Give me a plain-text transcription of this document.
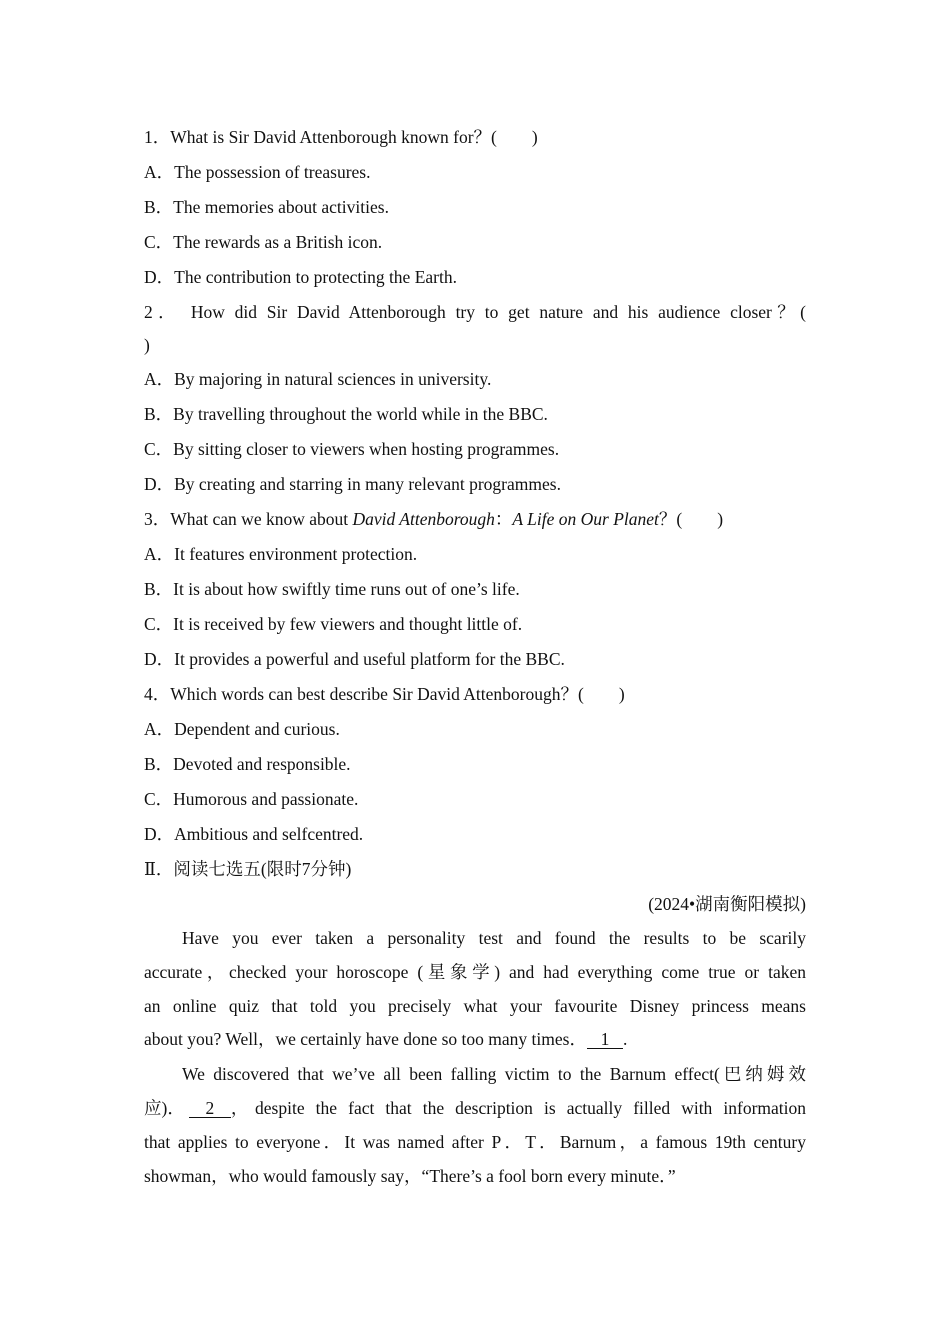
1．What is Sir David Attenborough known for？(　　)
A．The possession of treasures.
B．The memories about activities.
C．The rewards as a British icon.
D．The contribution to protecting the Earth.
2． How did Sir David Attenborough try to get nature and his audience closer？(
)
A．By majoring in natural sciences in university.
B．By travelling throughout the world while in the BBC.
C．By sitting closer to viewers when hosting programmes.
D．By creating and starring in many relevant programmes.
3．What can we know about David Attenborough：A Life on Our Planet？(　　)
A．It features environment protection.
B．It is about how swiftly time runs out of one’s life.
C．It is received by few viewers and thought little of.
D．It provides a powerful and useful platform for the BBC.
4．Which words can best describe Sir David Attenborough？(　　)
A．Dependent and curious.
B．Devoted and responsible.
C．Humorous and passionate.
D．Ambitious and selfcentred.
Ⅱ．阅读七选五(限时7分钟)
(2024•湖南衡阳模拟)
Have you ever taken a personality test and found the results to be scarily
accurate，checked your horoscope (星象学) and had everything come true or taken
an online quiz that told you precisely what your favourite Disney princess means
about you? Well，we certainly have done so too many times． 1 .
We discovered that we’ve all been falling victim to the Barnum effect(巴纳姆效
应)．	2 ，despite the fact that the description is actually filled with information
that applies to everyone．It was named after P．T．Barnum，a famous 19th century
showman，who would famously say，“There’s a fool born every minute．”
